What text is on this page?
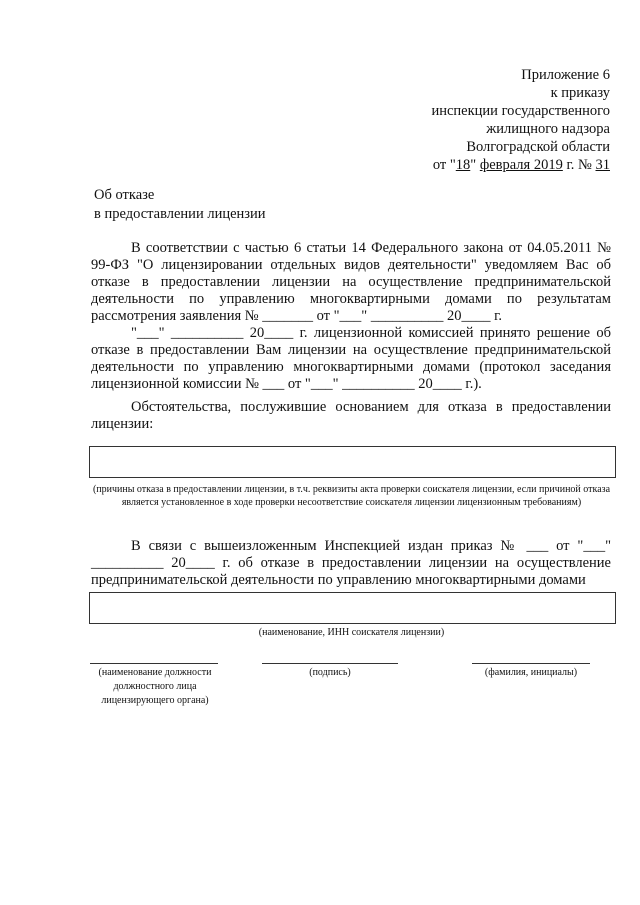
Приложение 6
к приказу
инспекции государственного
жилищного надзора
Волгоградской области
от "18" февраля 2019 г. № 31
Об отказе
в предоставлении лицензии

В соответствии с частью 6 статьи 14 Федерального закона от 04.05.2011 № 99-ФЗ "О лицензировании отдельных видов деятельности" уведомляем Вас об отказе в предоставлении лицензии на осуществление предпринимательской деятельности по управлению многоквартирными домами по результатам рассмотрения заявления № _______ от "___" __________ 20____ г.

"___" __________ 20____ г. лицензионной комиссией принято решение об отказе в предоставлении Вам лицензии на осуществление предпринимательской деятельности по управлению многоквартирными домами (протокол заседания лицензионной комиссии № ___ от "___" __________ 20____ г.).

Обстоятельства, послужившие основанием для отказа в предоставлении лицензии:

(причины отказа в предоставлении лицензии, в т.ч. реквизиты акта проверки соискателя лицензии, если причиной отказа является установленное в ходе проверки несоответствие соискателя лицензии лицензионным требованиям)

В связи с вышеизложенным Инспекцией издан приказ № ___ от "___" __________ 20____ г. об отказе в предоставлении лицензии на осуществление предпринимательской деятельности по управлению многоквартирными домами

(наименование, ИНН соискателя лицензии)
(наименование должности должностного лица лицензирующего органа)
(подпись)	(фамилия, инициалы)
